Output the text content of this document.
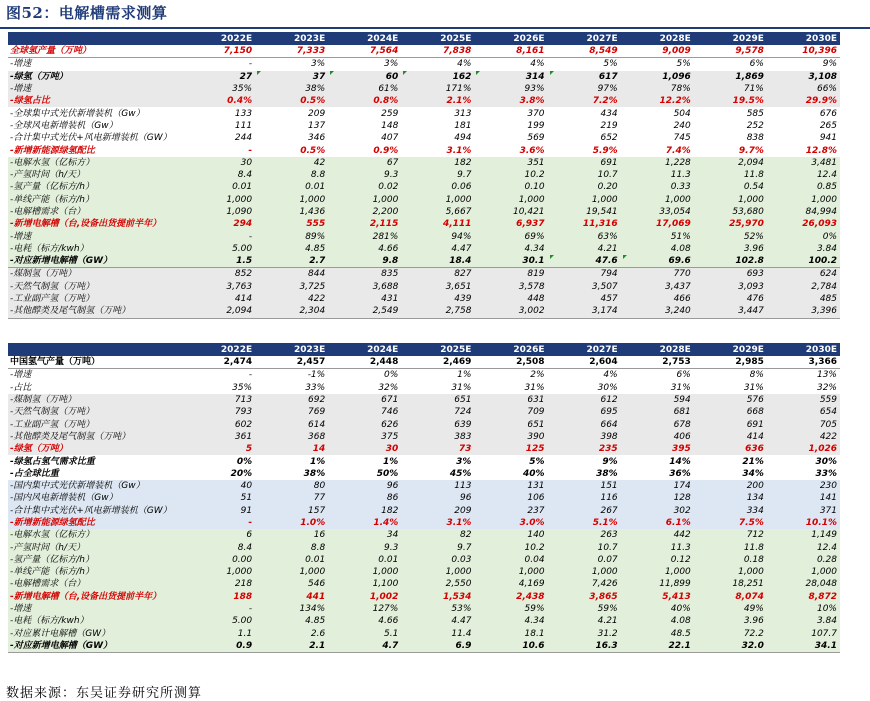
图52：电解槽需求测算
	2022E	2023E	2024E	2025E	2026E	2027E	2028E	2029E	2030E
全球氢产量（万吨）	7,150	7,333	7,564	7,838	8,161	8,549	9,009	9,578	10,396
-增速	-	3%	3%	4%	4%	5%	5%	6%	9%
-绿氢（万吨）	27	37	60	162	314	617	1,096	1,869	3,108
-增速	35%	38%	61%	171%	93%	97%	78%	71%	66%
-绿氢占比	0.4%	0.5%	0.8%	2.1%	3.8%	7.2%	12.2%	19.5%	29.9%
-全球集中式光伏新增装机（Gw）	133	209	259	313	370	434	504	585	676
-全球风电新增装机（Gw）	111	137	148	181	199	219	240	252	265
-合计集中式光伏+风电新增装机（GW）	244	346	407	494	569	652	745	838	941
-新增新能源绿氢配比	-	0.5%	0.9%	3.1%	3.6%	5.9%	7.4%	9.7%	12.8%
-电解水氢（亿标方）	30	42	67	182	351	691	1,228	2,094	3,481
-产氢时间（h/天）	8.4	8.8	9.3	9.7	10.2	10.7	11.3	11.8	12.4
-氢产量（亿标方/h）	0.01	0.01	0.02	0.06	0.10	0.20	0.33	0.54	0.85
-单线产能（标方/h）	1,000	1,000	1,000	1,000	1,000	1,000	1,000	1,000	1,000
-电解槽需求（台）	1,090	1,436	2,200	5,667	10,421	19,541	33,054	53,680	84,994
-新增电解槽（台,设备出货提前半年）	294	555	2,115	4,111	6,937	11,316	17,069	25,970	26,093
-增速	-	89%	281%	94%	69%	63%	51%	52%	0%
-电耗（标方/kwh）	5.00	4.85	4.66	4.47	4.34	4.21	4.08	3.96	3.84
-对应新增电解槽（GW）	1.5	2.7	9.8	18.4	30.1	47.6	69.6	102.8	100.2
-煤制氢（万吨）	852	844	835	827	819	794	770	693	624
-天然气制氢（万吨）	3,763	3,725	3,688	3,651	3,578	3,507	3,437	3,093	2,784
-工业副产氢（万吨）	414	422	431	439	448	457	466	476	485
-其他醇类及尾气制氢（万吨）	2,094	2,304	2,549	2,758	3,002	3,174	3,240	3,447	3,396
	2022E	2023E	2024E	2025E	2026E	2027E	2028E	2029E	2030E
中国氢气产量（万吨）	2,474	2,457	2,448	2,469	2,508	2,604	2,753	2,985	3,366
-增速	-	-1%	0%	1%	2%	4%	6%	8%	13%
-占比	35%	33%	32%	31%	31%	30%	31%	31%	32%
-煤制氢（万吨）	713	692	671	651	631	612	594	576	559
-天然气制氢（万吨）	793	769	746	724	709	695	681	668	654
-工业副产氢（万吨）	602	614	626	639	651	664	678	691	705
-其他醇类及尾气制氢（万吨）	361	368	375	383	390	398	406	414	422
-绿氢（万吨）	5	14	30	73	125	235	395	636	1,026
-绿氢占氢气需求比重	0%	1%	1%	3%	5%	9%	14%	21%	30%
-占全球比重	20%	38%	50%	45%	40%	38%	36%	34%	33%
-国内集中式光伏新增装机（Gw）	40	80	96	113	131	151	174	200	230
-国内风电新增装机（Gw）	51	77	86	96	106	116	128	134	141
-合计集中式光伏+风电新增装机（GW）	91	157	182	209	237	267	302	334	371
-新增新能源绿氢配比	-	1.0%	1.4%	3.1%	3.0%	5.1%	6.1%	7.5%	10.1%
-电解水氢（亿标方）	6	16	34	82	140	263	442	712	1,149
-产氢时间（h/天）	8.4	8.8	9.3	9.7	10.2	10.7	11.3	11.8	12.4
-氢产量（亿标方/h）	0.00	0.01	0.01	0.03	0.04	0.07	0.12	0.18	0.28
-单线产能（标方/h）	1,000	1,000	1,000	1,000	1,000	1,000	1,000	1,000	1,000
-电解槽需求（台）	218	546	1,100	2,550	4,169	7,426	11,899	18,251	28,048
-新增电解槽（台,设备出货提前半年）	188	441	1,002	1,534	2,438	3,865	5,413	8,074	8,872
-增速	-	134%	127%	53%	59%	59%	40%	49%	10%
-电耗（标方/kwh）	5.00	4.85	4.66	4.47	4.34	4.21	4.08	3.96	3.84
-对应累计电解槽（GW）	1.1	2.6	5.1	11.4	18.1	31.2	48.5	72.2	107.7
-对应新增电解槽（GW）	0.9	2.1	4.7	6.9	10.6	16.3	22.1	32.0	34.1
数据来源：东吴证券研究所测算
